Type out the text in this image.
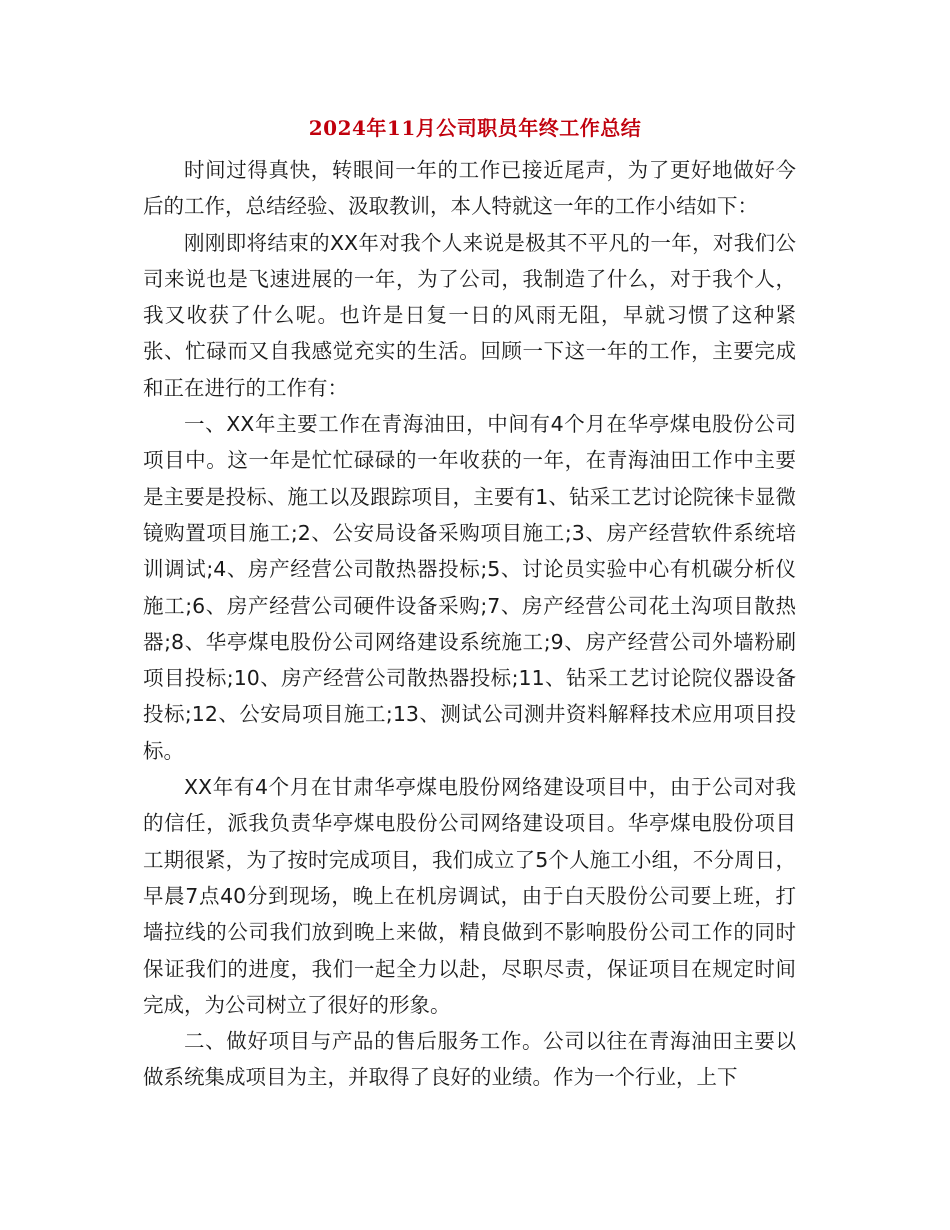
2024年11月公司职员年终工作总结

时间过得真快，转眼间一年的工作已接近尾声，为了更好地做好今后的工作，总结经验、汲取教训，本人特就这一年的工作小结如下：

刚刚即将结束的XX年对我个人来说是极其不平凡的一年，对我们公司来说也是飞速进展的一年，为了公司，我制造了什么，对于我个人，我又收获了什么呢。也许是日复一日的风雨无阻，早就习惯了这种紧张、忙碌而又自我感觉充实的生活。回顾一下这一年的工作，主要完成和正在进行的工作有：

一、XX年主要工作在青海油田，中间有4个月在华亭煤电股份公司项目中。这一年是忙忙碌碌的一年收获的一年，在青海油田工作中主要是主要是投标、施工以及跟踪项目，主要有1、钻采工艺讨论院徕卡显微镜购置项目施工;2、公安局设备采购项目施工;3、房产经营软件系统培训调试;4、房产经营公司散热器投标;5、讨论员实验中心有机碳分析仪施工;6、房产经营公司硬件设备采购;7、房产经营公司花土沟项目散热器;8、华亭煤电股份公司网络建设系统施工;9、房产经营公司外墙粉刷项目投标;10、房产经营公司散热器投标;11、钻采工艺讨论院仪器设备投标;12、公安局项目施工;13、测试公司测井资料解释技术应用项目投标。

XX年有4个月在甘肃华亭煤电股份网络建设项目中，由于公司对我的信任，派我负责华亭煤电股份公司网络建设项目。华亭煤电股份项目工期很紧，为了按时完成项目，我们成立了5个人施工小组，不分周日，早晨7点40分到现场，晚上在机房调试，由于白天股份公司要上班，打墙拉线的公司我们放到晚上来做，精良做到不影响股份公司工作的同时保证我们的进度，我们一起全力以赴，尽职尽责，保证项目在规定时间完成，为公司树立了很好的形象。

二、做好项目与产品的售后服务工作。公司以往在青海油田主要以做系统集成项目为主，并取得了良好的业绩。作为一个行业，上下
